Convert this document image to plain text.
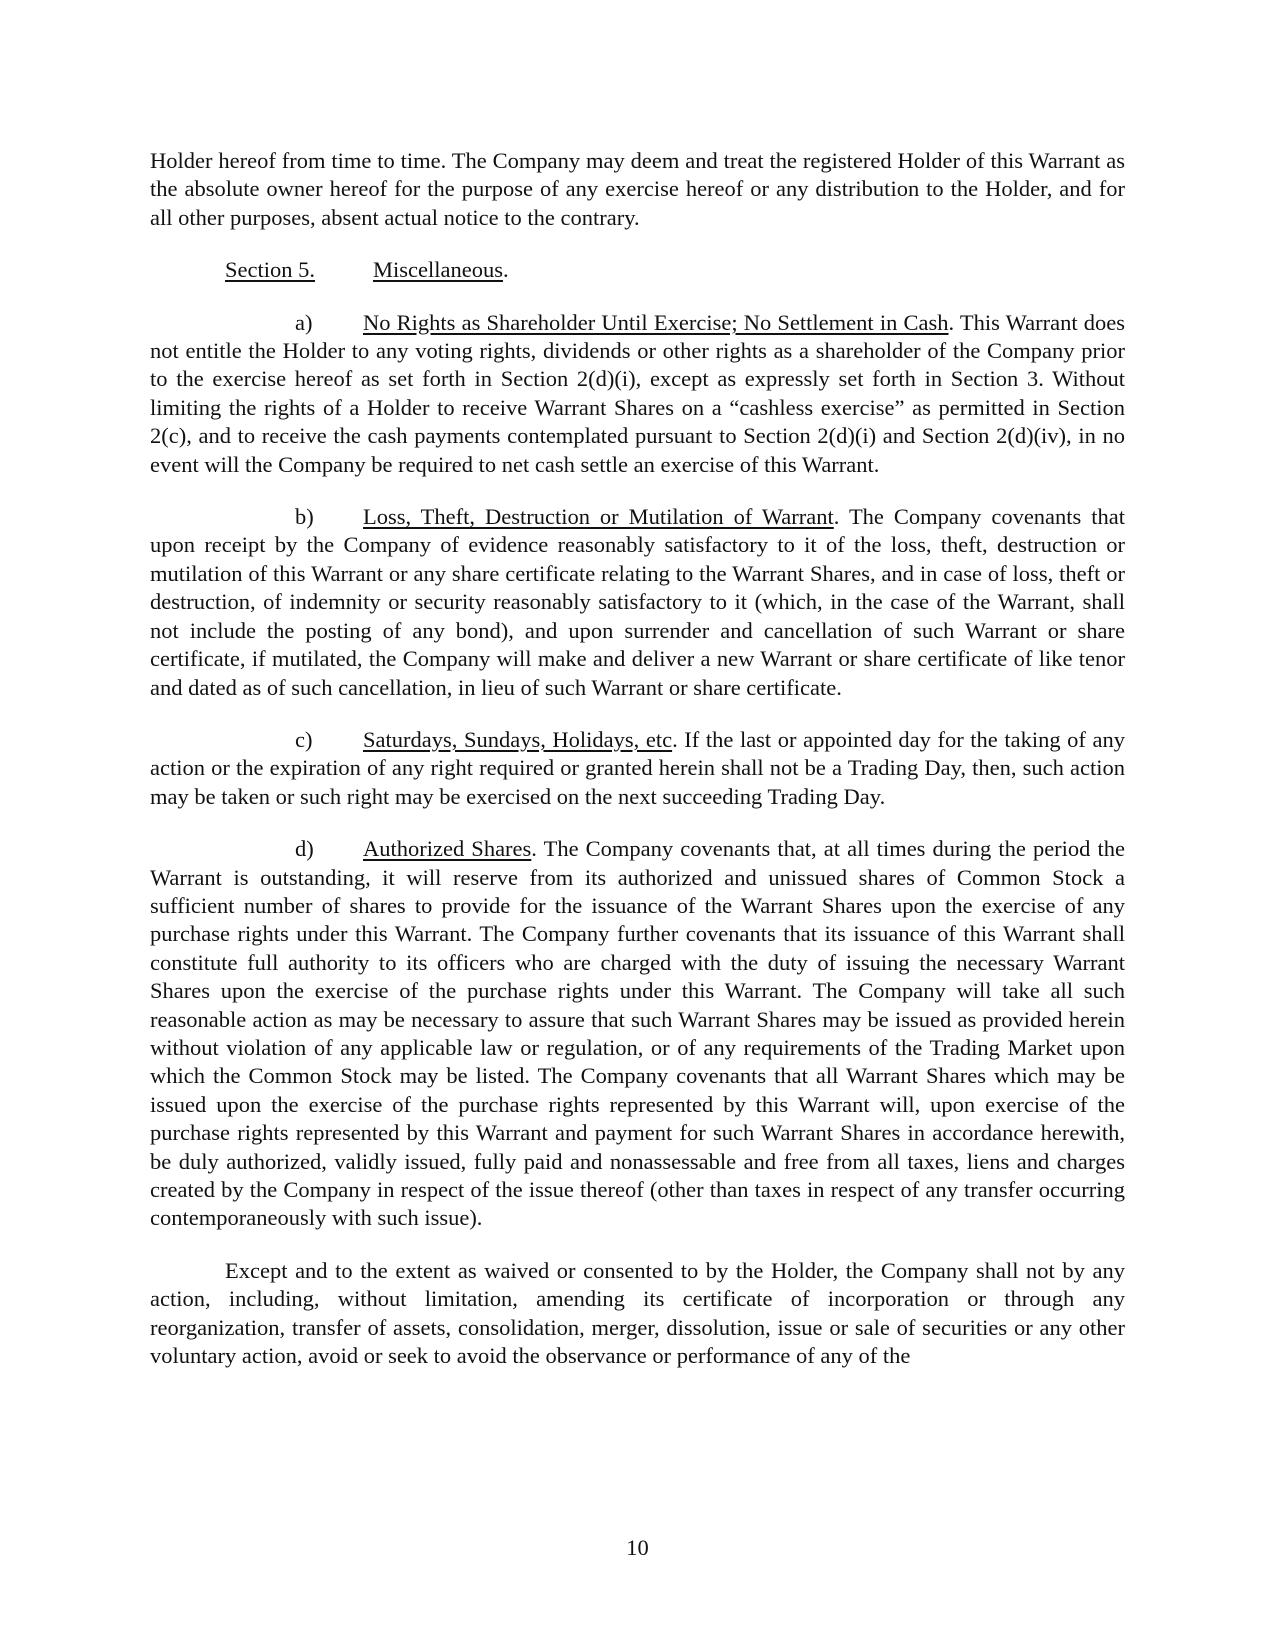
Holder hereof from time to time. The Company may deem and treat the registered Holder of this Warrant as the absolute owner hereof for the purpose of any exercise hereof or any distribution to the Holder, and for all other purposes, absent actual notice to the contrary.

Section 5.	Miscellaneous.

a) No Rights as Shareholder Until Exercise; No Settlement in Cash. This Warrant does not entitle the Holder to any voting rights, dividends or other rights as a shareholder of the Company prior to the exercise hereof as set forth in Section 2(d)(i), except as expressly set forth in Section 3. Without limiting the rights of a Holder to receive Warrant Shares on a “cashless exercise” as permitted in Section 2(c), and to receive the cash payments contemplated pursuant to Section 2(d)(i) and Section 2(d)(iv), in no event will the Company be required to net cash settle an exercise of this Warrant.

b) Loss, Theft, Destruction or Mutilation of Warrant. The Company covenants that upon receipt by the Company of evidence reasonably satisfactory to it of the loss, theft, destruction or mutilation of this Warrant or any share certificate relating to the Warrant Shares, and in case of loss, theft or destruction, of indemnity or security reasonably satisfactory to it (which, in the case of the Warrant, shall not include the posting of any bond), and upon surrender and cancellation of such Warrant or share certificate, if mutilated, the Company will make and deliver a new Warrant or share certificate of like tenor and dated as of such cancellation, in lieu of such Warrant or share certificate.

c) Saturdays, Sundays, Holidays, etc. If the last or appointed day for the taking of any action or the expiration of any right required or granted herein shall not be a Trading Day, then, such action may be taken or such right may be exercised on the next succeeding Trading Day.

d) Authorized Shares. The Company covenants that, at all times during the period the Warrant is outstanding, it will reserve from its authorized and unissued shares of Common Stock a sufficient number of shares to provide for the issuance of the Warrant Shares upon the exercise of any purchase rights under this Warrant. The Company further covenants that its issuance of this Warrant shall constitute full authority to its officers who are charged with the duty of issuing the necessary Warrant Shares upon the exercise of the purchase rights under this Warrant. The Company will take all such reasonable action as may be necessary to assure that such Warrant Shares may be issued as provided herein without violation of any applicable law or regulation, or of any requirements of the Trading Market upon which the Common Stock may be listed. The Company covenants that all Warrant Shares which may be issued upon the exercise of the purchase rights represented by this Warrant will, upon exercise of the purchase rights represented by this Warrant and payment for such Warrant Shares in accordance herewith, be duly authorized, validly issued, fully paid and nonassessable and free from all taxes, liens and charges created by the Company in respect of the issue thereof (other than taxes in respect of any transfer occurring contemporaneously with such issue).

Except and to the extent as waived or consented to by the Holder, the Company shall not by any action, including, without limitation, amending its certificate of incorporation or through any reorganization, transfer of assets, consolidation, merger, dissolution, issue or sale of securities or any other voluntary action, avoid or seek to avoid the observance or performance of any of the

10
